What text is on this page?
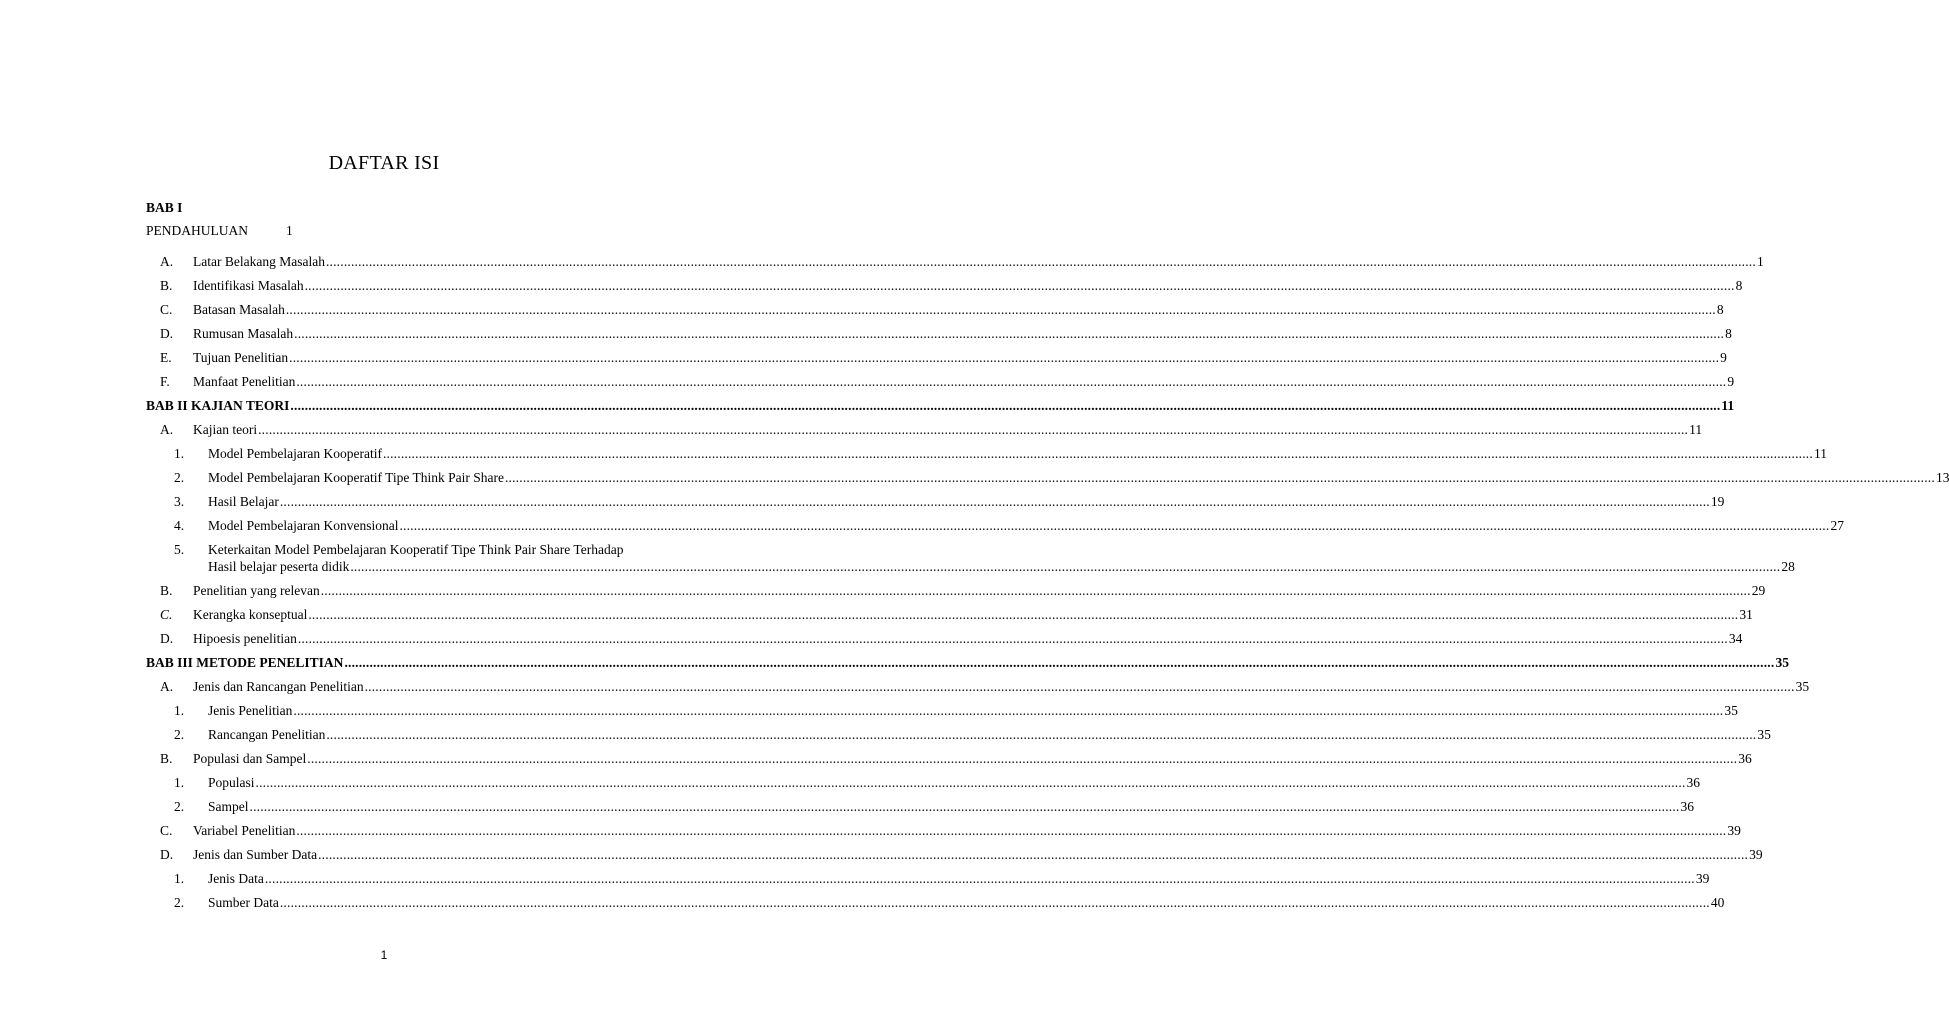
DAFTAR ISI
BAB I
PENDAHULUAN	1
A. Latar Belakang Masalah ................................................................................................................................................................................................................................................................................................................................................................................................................ 1
B. Identifikasi Masalah ................................................................................................................................................................................................................................................................................................................................................................................................................ 8
C. Batasan Masalah ................................................................................................................................................................................................................................................................................................................................................................................................................ 8
D. Rumusan Masalah ................................................................................................................................................................................................................................................................................................................................................................................................................ 8
E. Tujuan Penelitian ................................................................................................................................................................................................................................................................................................................................................................................................................ 9
F. Manfaat Penelitian ................................................................................................................................................................................................................................................................................................................................................................................................................ 9
BAB II KAJIAN TEORI ................................................................................................................................................................................................................................................................................................................................................................................................................ 11
A. Kajian teori ................................................................................................................................................................................................................................................................................................................................................................................................................ 11
1. Model Pembelajaran Kooperatif ................................................................................................................................................................................................................................................................................................................................................................................................................ 11
2. Model Pembelajaran Kooperatif Tipe Think Pair Share ................................................................................................................................................................................................................................................................................................................................................................................................................ 13
3. Hasil Belajar ................................................................................................................................................................................................................................................................................................................................................................................................................ 19
4. Model Pembelajaran Konvensional ................................................................................................................................................................................................................................................................................................................................................................................................................ 27
5. Keterkaitan Model Pembelajaran Kooperatif Tipe Think Pair Share Terhadap
Hasil belajar peserta didik ................................................................................................................................................................................................................................................................................................................................................................................................................ 28
B. Penelitian yang relevan ................................................................................................................................................................................................................................................................................................................................................................................................................ 29
C. Kerangka konseptual ................................................................................................................................................................................................................................................................................................................................................................................................................ 31
D. Hipoesis penelitian ................................................................................................................................................................................................................................................................................................................................................................................................................ 34
BAB III METODE PENELITIAN ................................................................................................................................................................................................................................................................................................................................................................................................................ 35
A. Jenis dan Rancangan Penelitian ................................................................................................................................................................................................................................................................................................................................................................................................................ 35
1. Jenis Penelitian ................................................................................................................................................................................................................................................................................................................................................................................................................ 35
2. Rancangan Penelitian ................................................................................................................................................................................................................................................................................................................................................................................................................ 35
B. Populasi dan Sampel ................................................................................................................................................................................................................................................................................................................................................................................................................ 36
1. Populasi ................................................................................................................................................................................................................................................................................................................................................................................................................ 36
2. Sampel ................................................................................................................................................................................................................................................................................................................................................................................................................ 36
C. Variabel Penelitian ................................................................................................................................................................................................................................................................................................................................................................................................................ 39
D. Jenis dan Sumber Data ................................................................................................................................................................................................................................................................................................................................................................................................................ 39
1. Jenis Data ................................................................................................................................................................................................................................................................................................................................................................................................................ 39
2. Sumber Data ................................................................................................................................................................................................................................................................................................................................................................................................................ 40
1
